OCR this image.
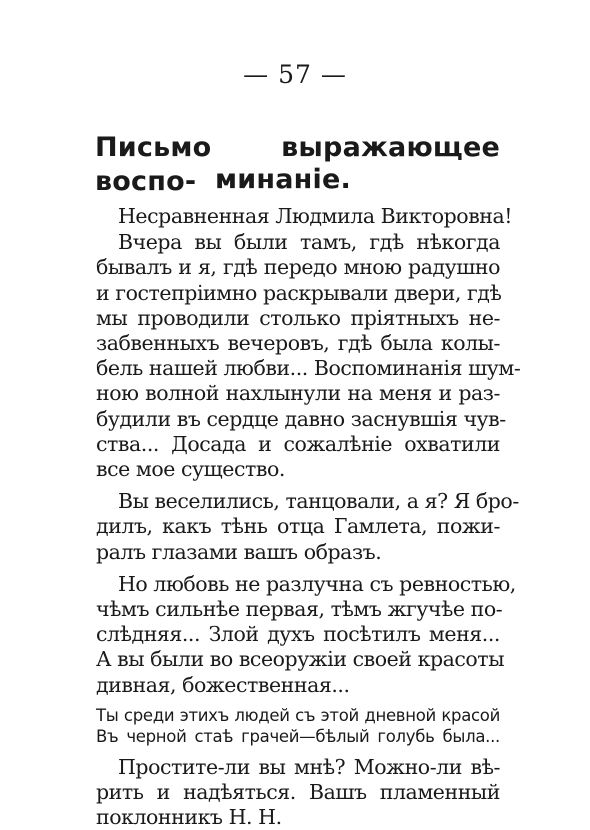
— 57 —
Письмо выражающее воспо- минаніе.
Несравненная Людмила Викторовна!
Вчера вы были тамъ, гдѣ нѣкогда
бывалъ и я, гдѣ передо мною радушно
и гостепріимно раскрывали двери, гдѣ
мы проводили столько пріятныхъ не-
забвенныхъ вечеровъ, гдѣ была колы-
бель нашей любви... Воспоминанія шум-
ною волной нахлынули на меня и раз-
будили въ сердце давно заснувшія чув-
ства... Досада и сожалѣніе охватили
все мое существо.
Вы веселились, танцовали, а я? Я бро-
дилъ, какъ тѣнь отца Гамлета, пожи-
ралъ глазами вашъ образъ.
Но любовь не разлучна съ ревностью,
чѣмъ сильнѣе первая, тѣмъ жгучѣе по-
слѣдняя... Злой духъ посѣтилъ меня...
А вы были во всеоружіи своей красоты
дивная, божественная...
Ты среди этихъ людей съ этой дневной красой
Въ черной стаѣ грачей—бѣлый голубь была...
Простите-ли вы мнѣ? Можно-ли вѣ-
рить и надѣяться. Вашъ пламенный
поклонникъ Н. Н.
